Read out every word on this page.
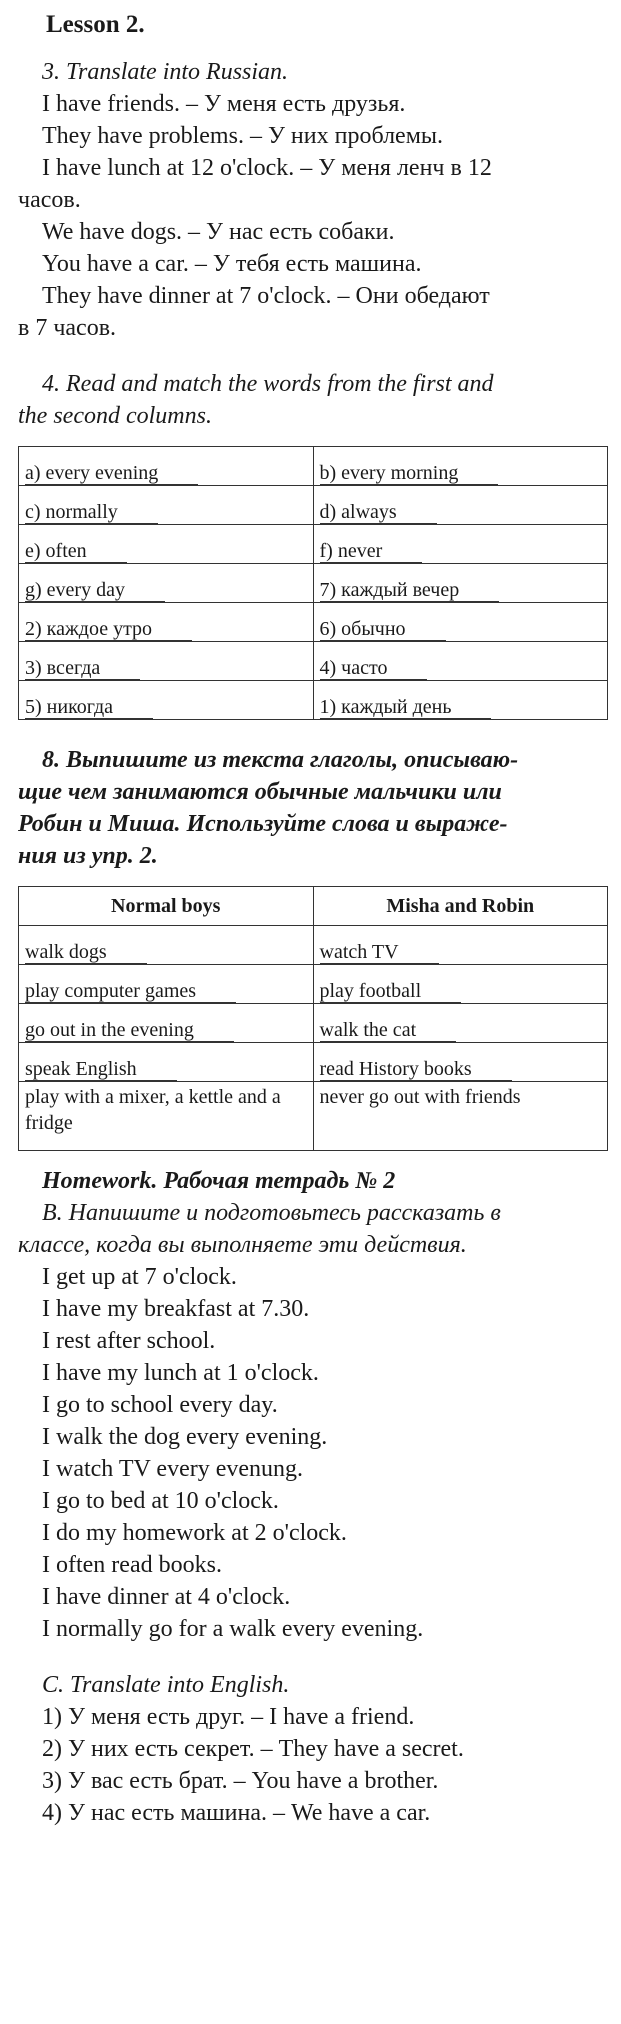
Lesson 2.
3. Translate into Russian.
I have friends. – У меня есть друзья.
They have problems. – У них проблемы.
I have lunch at 12 o'clock. – У меня ленч в 12
часов.
We have dogs. – У нас есть собаки.
You have a car. – У тебя есть машина.
They have dinner at 7 o'clock. – Они обедают
в 7 часов.
4. Read and match the words from the first and
the second columns.
a) every evening	b) every morning
c) normally	d) always
e) often	f) never
g) every day	7) каждый вечер
2) каждое утро	6) обычно
3) всегда	4) часто
5) никогда	1) каждый день
8. Выпишите из текста глаголы, описываю-
щие чем занимаются обычные мальчики или
Робин и Миша. Используйте слова и выраже-
ния из упр. 2.
Normal boys	Misha and Robin
walk dogs	watch TV
play computer games	play football
go out in the evening	walk the cat
speak English	read History books
play with a mixer, a kettle and a fridge	never go out with friends
Homework. Рабочая тетрадь № 2
B. Напишите и подготовьтесь рассказать в
классе, когда вы выполняете эти действия.
I get up at 7 o'clock.
I have my breakfast at 7.30.
I rest after school.
I have my lunch at 1 o'clock.
I go to school every day.
I walk the dog every evening.
I watch TV every evenung.
I go to bed at 10 o'clock.
I do my homework at 2 o'clock.
I often read books.
I have dinner at 4 o'clock.
I normally go for a walk every evening.
C. Translate into English.
1) У меня есть друг. – I have a friend.
2) У них есть секрет. – They have a secret.
3) У вас есть брат. – You have a brother.
4) У нас есть машина. – We have a car.
